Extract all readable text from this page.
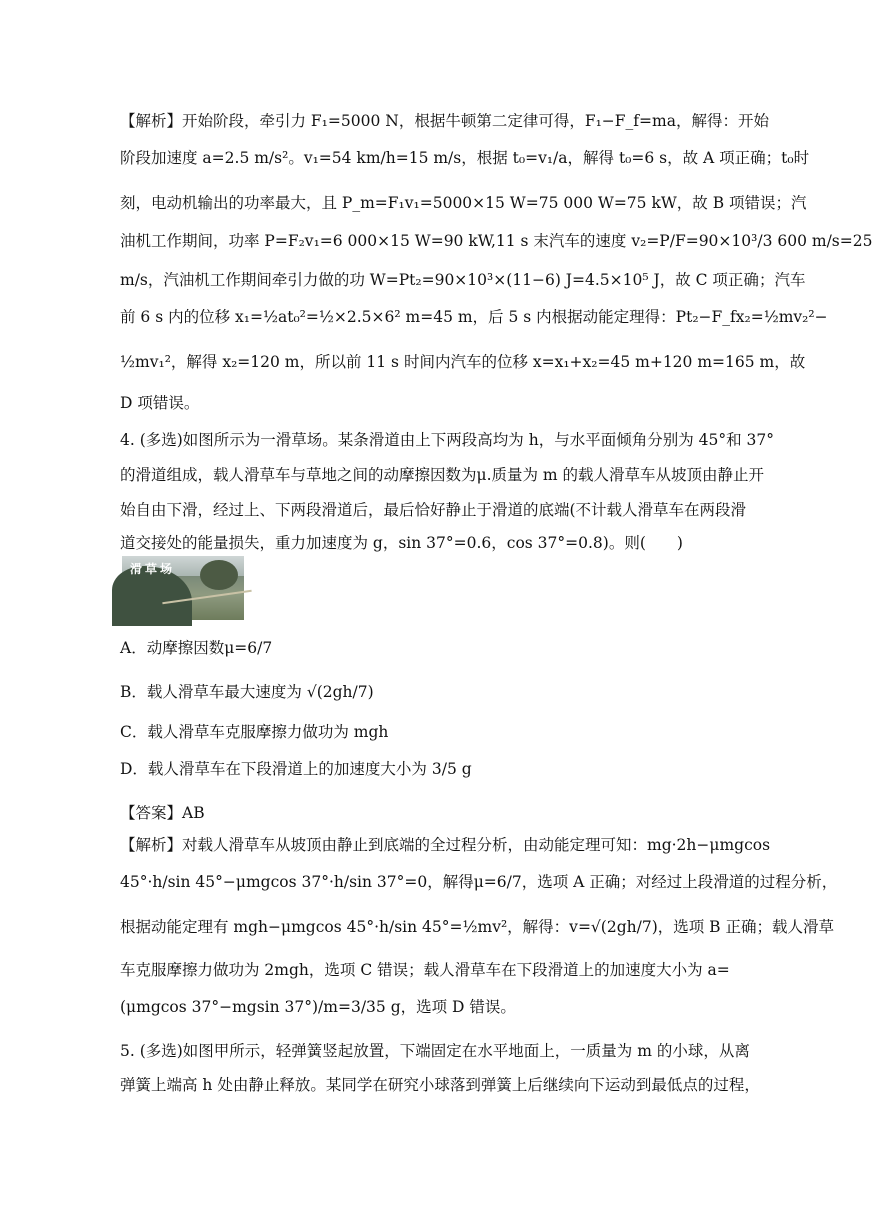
【解析】开始阶段，牵引力 F₁=5000 N，根据牛顿第二定律可得，F₁−F_f=ma，解得：开始
阶段加速度 a=2.5 m/s²。v₁=54 km/h=15 m/s，根据 t₀=v₁/a，解得 t₀=6 s，故 A 项正确；t₀时
刻，电动机输出的功率最大，且 P_m=F₁v₁=5000×15 W=75 000 W=75 kW，故 B 项错误；汽
油机工作期间，功率 P=F₂v₁=6 000×15 W=90 kW,11 s 末汽车的速度 v₂=P/F=90×10³/3 600 m/s=25
m/s，汽油机工作期间牵引力做的功 W=Pt₂=90×10³×(11−6) J=4.5×10⁵ J，故 C 项正确；汽车
前 6 s 内的位移 x₁=½at₀²=½×2.5×6² m=45 m，后 5 s 内根据动能定理得：Pt₂−F_fx₂=½mv₂²−
½mv₁²，解得 x₂=120 m，所以前 11 s 时间内汽车的位移 x=x₁+x₂=45 m+120 m=165 m，故
D 项错误。
4. (多选)如图所示为一滑草场。某条滑道由上下两段高均为 h，与水平面倾角分别为 45°和 37°
的滑道组成，载人滑草车与草地之间的动摩擦因数为μ.质量为 m 的载人滑草车从坡顶由静止开
始自由下滑，经过上、下两段滑道后，最后恰好静止于滑道的底端(不计载人滑草车在两段滑
道交接处的能量损失，重力加速度为 g，sin 37°=0.6，cos 37°=0.8)。则(　　)
滑草场
A．动摩擦因数μ=6/7
B．载人滑草车最大速度为 √(2gh/7)
C．载人滑草车克服摩擦力做功为 mgh
D．载人滑草车在下段滑道上的加速度大小为 3/5 g
【答案】AB
【解析】对载人滑草车从坡顶由静止到底端的全过程分析，由动能定理可知：mg·2h−μmgcos
45°·h/sin 45°−μmgcos 37°·h/sin 37°=0，解得μ=6/7，选项 A 正确；对经过上段滑道的过程分析，
根据动能定理有 mgh−μmgcos 45°·h/sin 45°=½mv²，解得：v=√(2gh/7)，选项 B 正确；载人滑草
车克服摩擦力做功为 2mgh，选项 C 错误；载人滑草车在下段滑道上的加速度大小为 a=
(μmgcos 37°−mgsin 37°)/m=3/35 g，选项 D 错误。
5. (多选)如图甲所示，轻弹簧竖起放置，下端固定在水平地面上，一质量为 m 的小球，从离
弹簧上端高 h 处由静止释放。某同学在研究小球落到弹簧上后继续向下运动到最低点的过程，
